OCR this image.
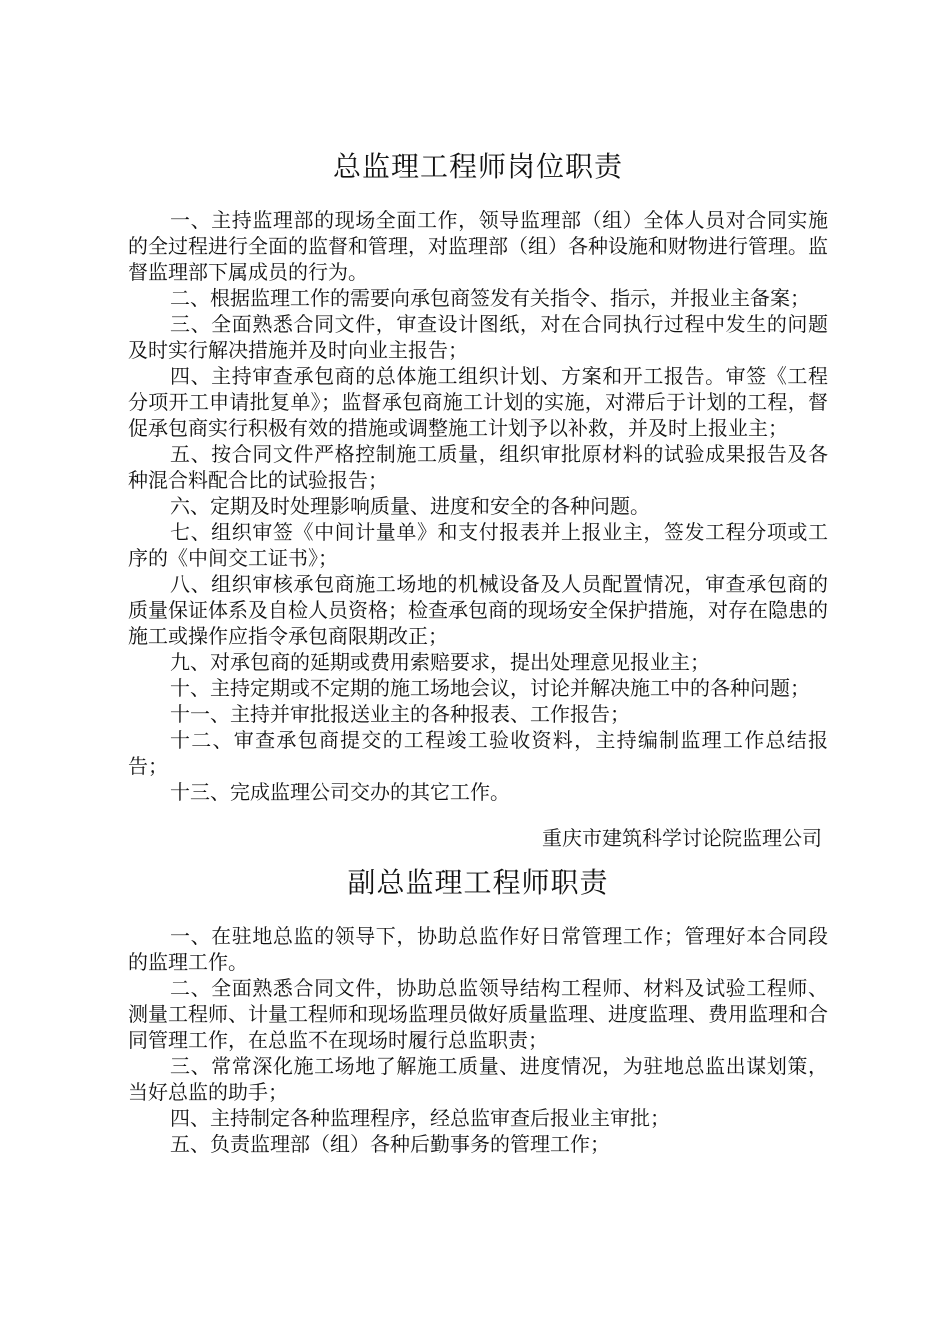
总监理工程师岗位职责

一、主持监理部的现场全面工作，领导监理部（组）全体人员对合同实施的全过程进行全面的监督和管理，对监理部（组）各种设施和财物进行管理。监督监理部下属成员的行为。

二、根据监理工作的需要向承包商签发有关指令、指示，并报业主备案；

三、全面熟悉合同文件，审查设计图纸，对在合同执行过程中发生的问题及时实行解决措施并及时向业主报告；

四、主持审查承包商的总体施工组织计划、方案和开工报告。审签《工程分项开工申请批复单》；监督承包商施工计划的实施，对滞后于计划的工程，督促承包商实行积极有效的措施或调整施工计划予以补救，并及时上报业主；

五、按合同文件严格控制施工质量，组织审批原材料的试验成果报告及各种混合料配合比的试验报告；

六、定期及时处理影响质量、进度和安全的各种问题。

七、组织审签《中间计量单》和支付报表并上报业主，签发工程分项或工序的《中间交工证书》；

八、组织审核承包商施工场地的机械设备及人员配置情况，审查承包商的质量保证体系及自检人员资格；检查承包商的现场安全保护措施，对存在隐患的施工或操作应指令承包商限期改正；

九、对承包商的延期或费用索赔要求，提出处理意见报业主；

十、主持定期或不定期的施工场地会议，讨论并解决施工中的各种问题；

十一、主持并审批报送业主的各种报表、工作报告；

十二、审查承包商提交的工程竣工验收资料，主持编制监理工作总结报告；

十三、完成监理公司交办的其它工作。

重庆市建筑科学讨论院监理公司

副总监理工程师职责

一、在驻地总监的领导下，协助总监作好日常管理工作；管理好本合同段的监理工作。

二、全面熟悉合同文件，协助总监领导结构工程师、材料及试验工程师、测量工程师、计量工程师和现场监理员做好质量监理、进度监理、费用监理和合同管理工作，在总监不在现场时履行总监职责；

三、常常深化施工场地了解施工质量、进度情况，为驻地总监出谋划策，当好总监的助手；

四、主持制定各种监理程序，经总监审查后报业主审批；

五、负责监理部（组）各种后勤事务的管理工作；
